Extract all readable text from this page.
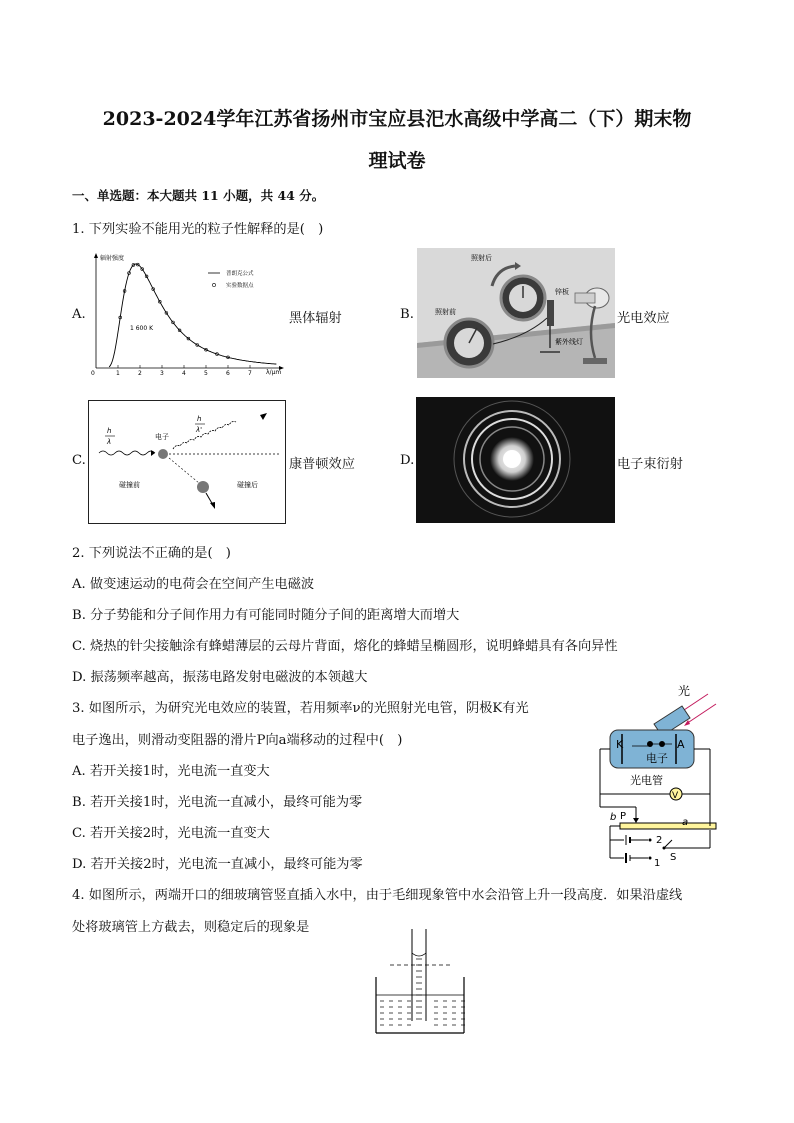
2023-2024学年江苏省扬州市宝应县汜水高级中学高二（下）期末物
理试卷
一、单选题：本大题共 11 小题，共 44 分。
1. 下列实验不能用光的粒子性解释的是(　)
A.	黑体辐射
辐射强度
普朗克公式
实验数据点
1 600 K
0	1	2	3	4	5	6	7 λ/μm
B.	光电效应
照射后
照射前
锌板
紫外线灯
C.	康普顿效应
h
λ
电子
h
λ'
碰撞前	碰撞后
D.	电子束衍射
2. 下列说法不正确的是(　)
A. 做变速运动的电荷会在空间产生电磁波
B. 分子势能和分子间作用力有可能同时随分子间的距离增大而增大
C. 烧热的针尖接触涂有蜂蜡薄层的云母片背面，熔化的蜂蜡呈椭圆形，说明蜂蜡具有各向异性
D. 振荡频率越高，振荡电路发射电磁波的本领越大
3. 如图所示，为研究光电效应的装置，若用频率ν的光照射光电管，阴极K有光
电子逸出，则滑动变阻器的滑片P向a端移动的过程中(　)
A. 若开关接1时，光电流一直变大
B. 若开关接1时，光电流一直减小，最终可能为零
C. 若开关接2时，光电流一直变大
D. 若开关接2时，光电流一直减小，最终可能为零
光
K	A
电子
光电管
V
b	a
P
2
1
S
4. 如图所示，两端开口的细玻璃管竖直插入水中，由于毛细现象管中水会沿管上升一段高度．如果沿虚线
处将玻璃管上方截去，则稳定后的现象是
